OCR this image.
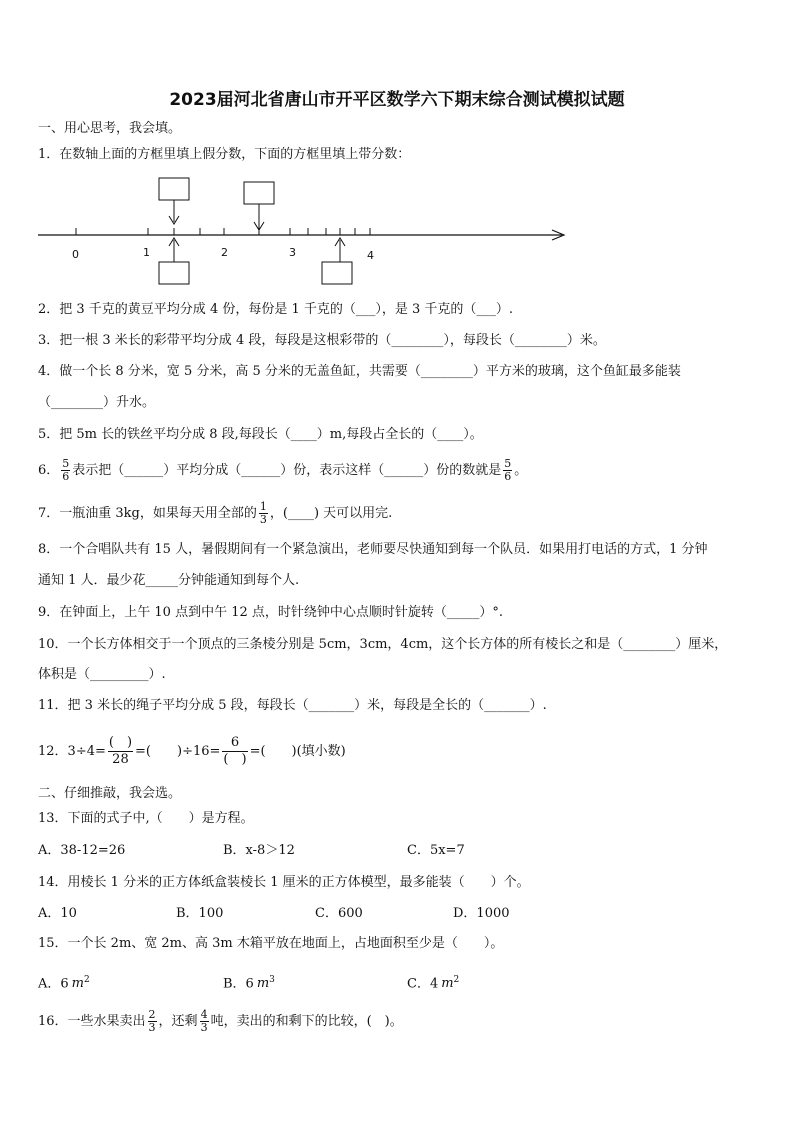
2023届河北省唐山市开平区数学六下期末综合测试模拟试题
一、用心思考，我会填。
1．在数轴上面的方框里填上假分数，下面的方框里填上带分数：
0	1	2	3	4
2．把 3 千克的黄豆平均分成 4 份，每份是 1 千克的（___），是 3 千克的（___）.
3．把一根 3 米长的彩带平均分成 4 段，每段是这根彩带的（________），每段长（________）米。
4．做一个长 8 分米，宽 5 分米，高 5 分米的无盖鱼缸，共需要（________）平方米的玻璃，这个鱼缸最多能装
（________）升水。
5．把 5m 长的铁丝平均分成 8 段,每段长（____）m,每段占全长的（____）。
6． $\frac{5}{6}$ 表示把（______）平均分成（______）份，表示这样（______）份的数就是 $\frac{5}{6}$ 。
7．一瓶油重 3kg，如果每天用全部的 $\frac{1}{3}$ ，(____) 天可以用完.
8．一个合唱队共有 15 人，暑假期间有一个紧急演出，老师要尽快通知到每一个队员．如果用打电话的方式，1 分钟
通知 1 人．最少花_____分钟能通知到每个人.
9．在钟面上，上午 10 点到中午 12 点，时针绕钟中心点顺时针旋转（_____）°.
10．一个长方体相交于一个顶点的三条棱分别是 5cm，3cm，4cm，这个长方体的所有棱长之和是（________）厘米，
体积是（_________）.
11．把 3 米长的绳子平均分成 5 段，每段长（_______）米，每段是全长的（_______）.
12．$3\div 4= \frac{( )}{28}$ =(　　)$\div 16= \frac{6}{( )}$ =(　　)(填小数)
二、仔细推敲，我会选。
13．下面的式子中,（　　）是方程。
A．38-12=26	B．x-8＞12	C．5x=7
14．用棱长 1 分米的正方体纸盒装棱长 1 厘米的正方体模型，最多能装（　　）个。
A．10	B．100	C．600	D．1000
15．一个长 2m、宽 2m、高 3m 木箱平放在地面上，占地面积至少是（　　）。
A．6 $m^2$	B．6 $m^3$	C．4 $m^2$
16．一些水果卖出 $\frac{2}{3}$ ，还剩 $\frac{4}{3}$ 吨，卖出的和剩下的比较，(　)。
